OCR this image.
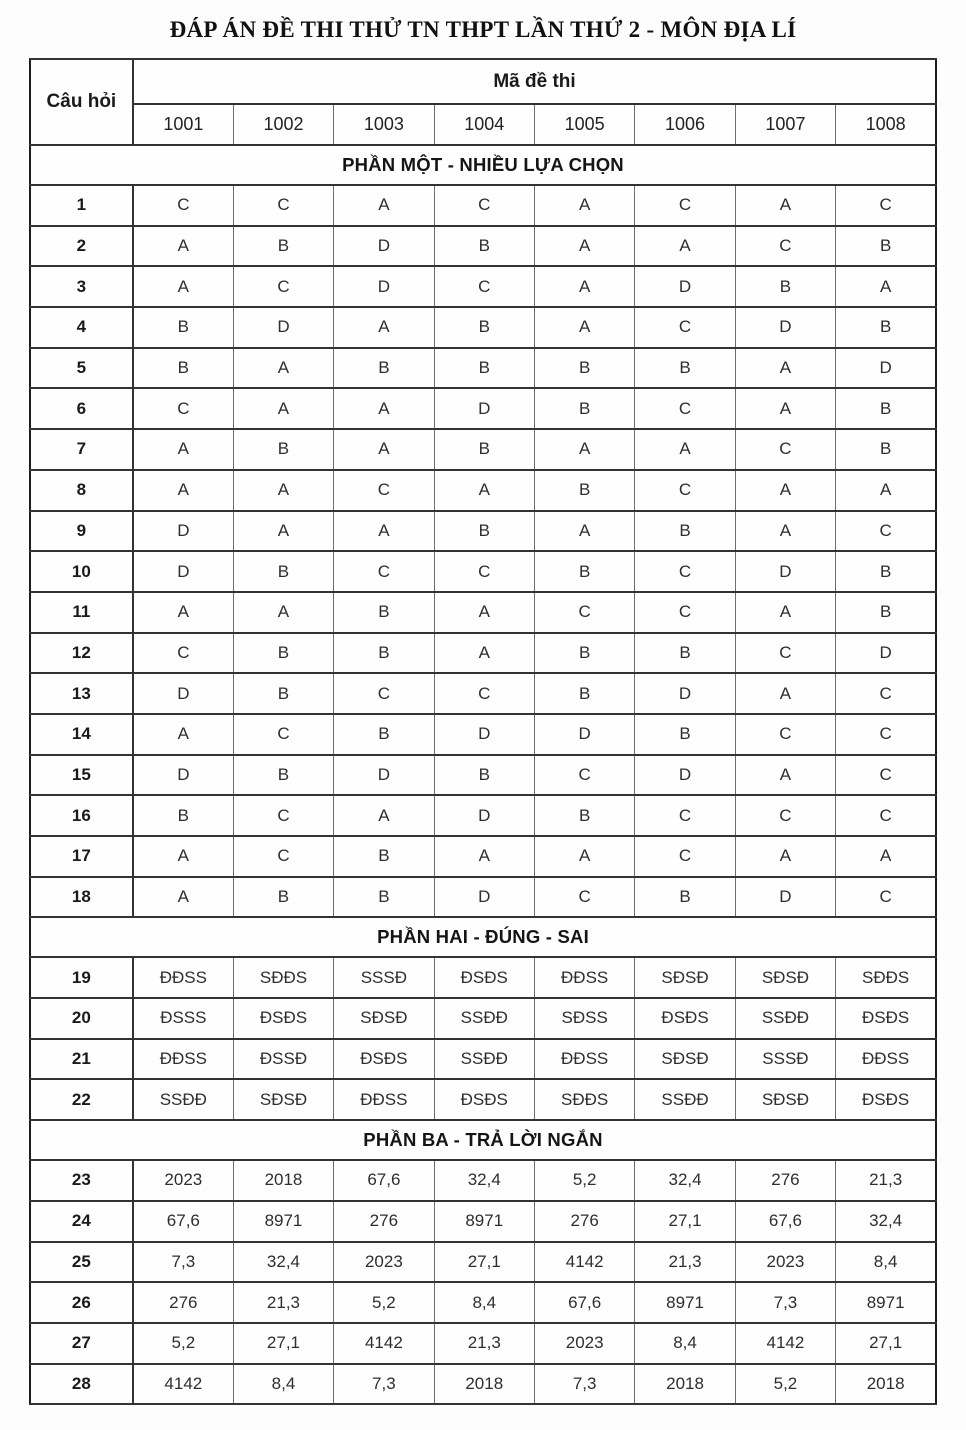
ĐÁP ÁN ĐỀ THI THỬ TN THPT LẦN THỨ 2 - MÔN ĐỊA LÍ
Câu hỏi	Mã đề thi							
	1001	1002	1003	1004	1005	1006	1007	1008
PHẦN MỘT - NHIỀU LỰA CHỌN								
1	C	C	A	C	A	C	A	C
2	A	B	D	B	A	A	C	B
3	A	C	D	C	A	D	B	A
4	B	D	A	B	A	C	D	B
5	B	A	B	B	B	B	A	D
6	C	A	A	D	B	C	A	B
7	A	B	A	B	A	A	C	B
8	A	A	C	A	B	C	A	A
9	D	A	A	B	A	B	A	C
10	D	B	C	C	B	C	D	B
11	A	A	B	A	C	C	A	B
12	C	B	B	A	B	B	C	D
13	D	B	C	C	B	D	A	C
14	A	C	B	D	D	B	C	C
15	D	B	D	B	C	D	A	C
16	B	C	A	D	B	C	C	C
17	A	C	B	A	A	C	A	A
18	A	B	B	D	C	B	D	C
PHẦN HAI - ĐÚNG - SAI								
19	ĐĐSS	SĐĐS	SSSĐ	ĐSĐS	ĐĐSS	SĐSĐ	SĐSĐ	SĐĐS
20	ĐSSS	ĐSĐS	SĐSĐ	SSĐĐ	SĐSS	ĐSĐS	SSĐĐ	ĐSĐS
21	ĐĐSS	ĐSSĐ	ĐSĐS	SSĐĐ	ĐĐSS	SĐSĐ	SSSĐ	ĐĐSS
22	SSĐĐ	SĐSĐ	ĐĐSS	ĐSĐS	SĐĐS	SSĐĐ	SĐSĐ	ĐSĐS
PHẦN BA - TRẢ LỜI NGẮN								
23	2023	2018	67,6	32,4	5,2	32,4	276	21,3
24	67,6	8971	276	8971	276	27,1	67,6	32,4
25	7,3	32,4	2023	27,1	4142	21,3	2023	8,4
26	276	21,3	5,2	8,4	67,6	8971	7,3	8971
27	5,2	27,1	4142	21,3	2023	8,4	4142	27,1
28	4142	8,4	7,3	2018	7,3	2018	5,2	2018
